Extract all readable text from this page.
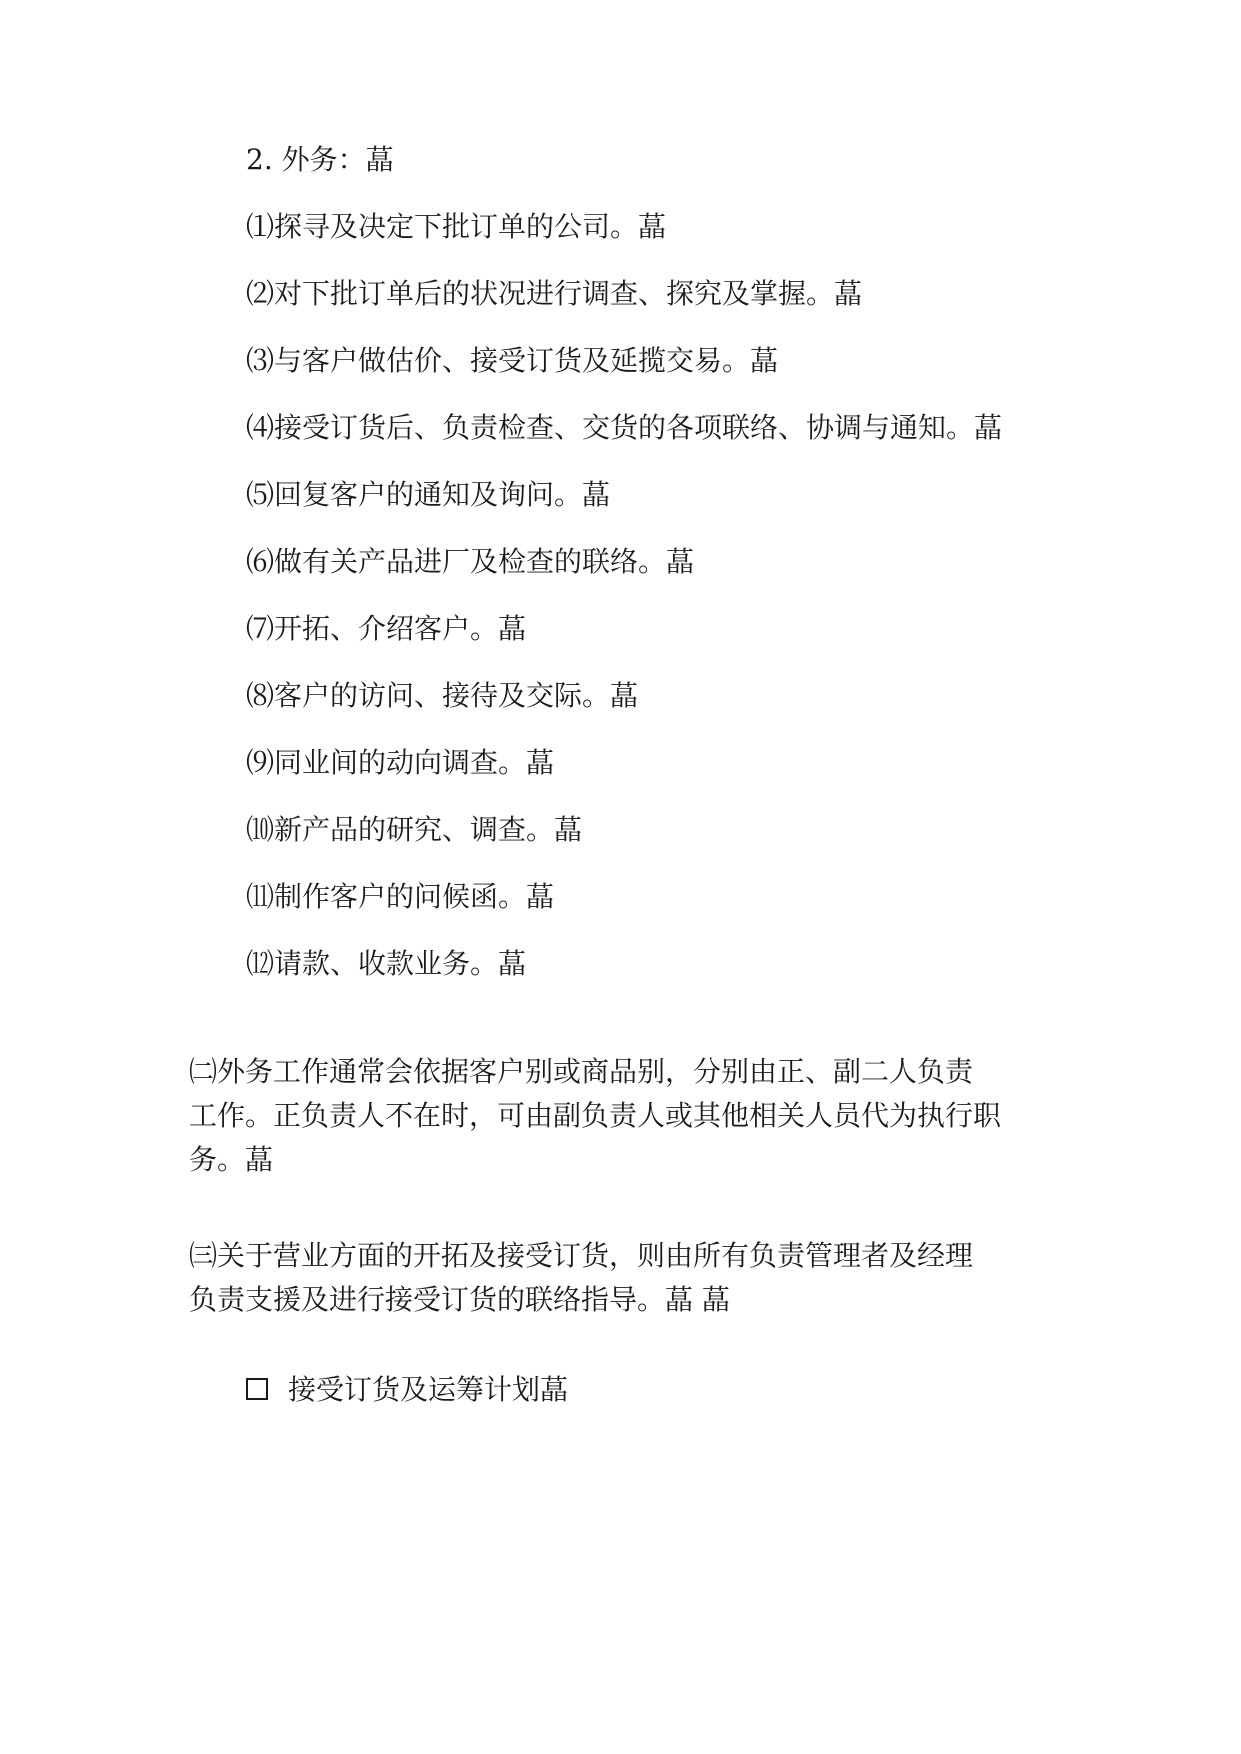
2. 外务：蕌
⑴探寻及决定下批订单的公司。蕌
⑵对下批订单后的状况进行调查、探究及掌握。蕌
⑶与客户做估价、接受订货及延揽交易。蕌
⑷接受订货后、负责检查、交货的各项联络、协调与通知。蕌
⑸回复客户的通知及询问。蕌
⑹做有关产品进厂及检查的联络。蕌
⑺开拓、介绍客户。蕌
⑻客户的访问、接待及交际。蕌
⑼同业间的动向调查。蕌
⑽新产品的研究、调查。蕌
⑾制作客户的问候函。蕌
⑿请款、收款业务。蕌

㈡外务工作通常会依据客户别或商品别，分别由正、副二人负责

工作。正负责人不在时，可由副负责人或其他相关人员代为执行职

务。蕌

㈢关于营业方面的开拓及接受订货，则由所有负责管理者及经理

负责支援及进行接受订货的联络指导。蕌 蕌

接受订货及运筹计划蕌
